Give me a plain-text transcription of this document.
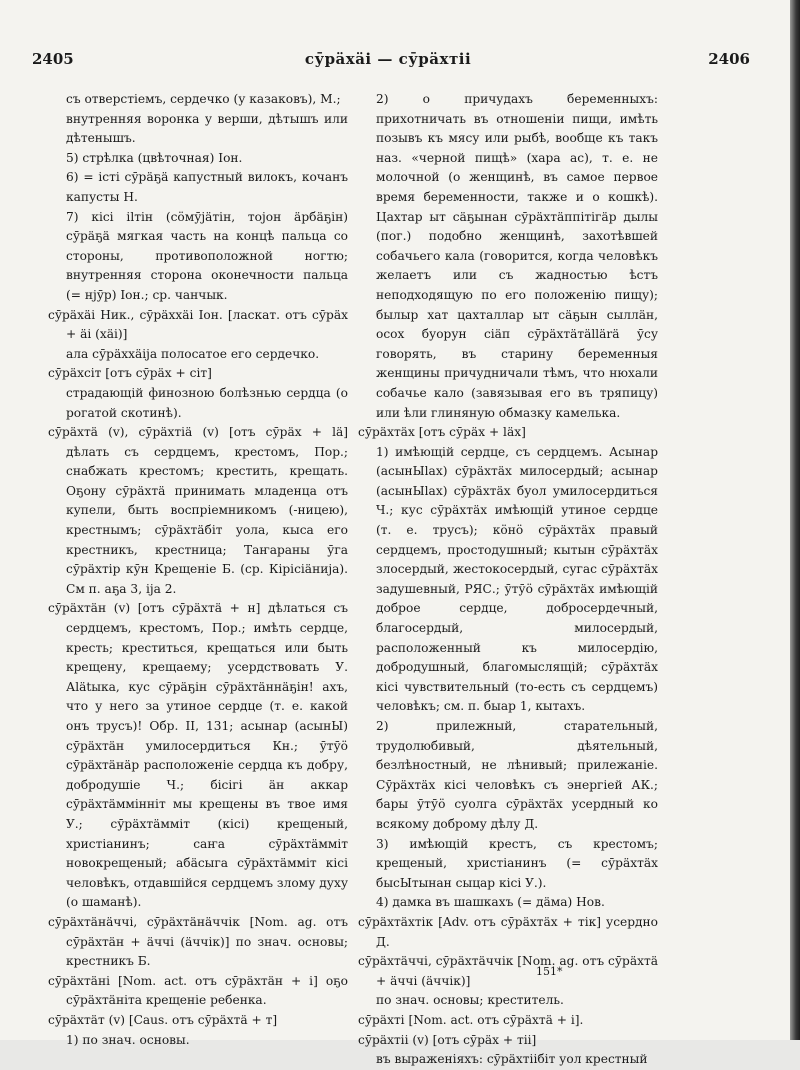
2405	сӯрäхäі — сӯрäхтіі	2406

съ отверстіемъ, сердечко (у казаковъ), М.;

внутренняя воронка у верши, дѣтышъ или дѣтенышъ.

5) стрѣлка (цвѣточная) Іон.

6) = істі сӯрäҕä капустный вилокъ, кочанъ капусты Н.

7) кісі іlтін (сӧмӯјäтін, тојон äрбäҕін) сӯрäҕä мягкая часть на концѣ пальца со стороны, противоположной ногтю; внутренняя сторона оконечности пальца (= нјӯр) Іон.; ср. чанчык.

сӯрäхäі Ник., сӯрäххäі Іон. [ласкат. отъ сӯрäх + äі (хäі)]

ала сӯрäххäіја полосатое его сердечко.

сӯрäхсіт [отъ сӯрäх + сіт]

страдающій финозною болѣзнью сердца (о рогатой скотинѣ).

сӯрäхтä (v), сӯрäхтіä (v) [отъ сӯрäх + lä] дѣлать съ сердцемъ, крестомъ, Пор.; снабжать крестомъ; крестить, крещать. Оҕону сӯрäхтä принимать младенца отъ купели, быть воспріемникомъ (-ницею), крестнымъ; сӯрäхтäбіт уола, кыса его крестникъ, крестница; Таҥараны ӯга сӯрäхтір кӯн Крещеніе Б. (ср. Кірісіäнија). См п. аҕа 3, іја 2.

сӯрäхтäн (v) [отъ сӯрäхтä + н] дѣлаться съ сердцемъ, крестомъ, Пор.; имѣть сердце, кресть; креститься, крещаться или быть крещену, крещаему; усердствовать У. Аlätыкa, кус сӯрäҕін сӯрäхтäннäҕін! ахъ, что у него за утиное сердце (т. е. какой онъ трусъ)! Обр. II, 131; асынар (асынЫ) сӯрäхтäн умилосердиться Кн.; ӯтӯӧ сӯрäхтäнäр расположеніе сердца къ добру, добродушіе Ч.; бісігі äн аккар сӯрäхтäммінніт мы крещены въ твое имя У.; сӯрäхтäмміт (кісі) крещеный, христіанинъ; саҥа сӯрäхтäмміт новокрещеный; абäсыга сӯрäхтäммiт кісі человѣкъ, отдавшійся сердцемъ злому духу (о шаманѣ).

сӯрäхтäнäччі, сӯрäхтäнäччік [Nom. ag. отъ сӯрäхтäн + äччі (äччік)] по знач. основы; крестникъ Б.

сӯрäхтäні [Nom. act. отъ сӯрäхтäн + і] оҕо сӯрäхтäніта крещеніе ребенка.

сӯрäхтäт (v) [Caus. отъ сӯрäхтä + т]

1) по знач. основы.

2) о причудахъ беременныхъ: прихотничать въ отношеніи пищи, имѣть позывъ къ мясу или рыбѣ, вообще къ такъ наз. «черной пищѣ» (хара ас), т. е. не молочной (о женщинѣ, въ самое первое время беременности, также и о кошкѣ). Цахтар ыт сäҕынан сӯрäхтäппітігäр дылы (пог.) подобно женщинѣ, захотѣвшей собачьего кала (говорится, когда человѣкъ желаетъ или съ жадностью ѣстъ неподходящую по его положенію пищу); былыр хат цахталлар ыт сäҕын сыллäн, осох буорун сіäп сӯрäхтäтällärä ӯсу говорять, въ старину беременныя женщины причудничали тѣмъ, что нюхали собачье кало (завязывая его въ тряпицу) или ѣли глиняную обмазку камелька.

сӯрäхтäх [отъ сӯрäх + läх]

1) имѣющій сердце, съ сердцемъ. Асынар (асынЫlах) сӯрäхтäх милосердый; асынар (асынЫlах) сӯрäхтäх буол умилосердиться Ч.; кус сӯрäхтäх имѣющій утиное сердце (т. е. трусъ); кӧнӧ сӯрäхтäх правый сердцемъ, простодушный; кытын сӯрäхтäх злосердый, жестокосердый, сугас сӯрäхтäх задушевный, РЯС.; ӯтӯӧ сӯрäхтäх имѣющій доброе сердце, добросердечный, благосердый, милосердый, расположенный къ милосердію, добродушный, благомыслящій; сӯрäхтäх кісі чувствительный (то-есть съ сердцемъ) человѣкъ; см. п. быар 1, кытахъ.

2) прилежный, старательный, трудолюбивый, дѣятельный, безлѣностный, не лѣнивый; прилежаніе. Сӯрäхтäх кісі человѣкъ съ энергіей АК.; бары ӯтӯӧ суолга сӯрäхтäх усердный ко всякому доброму дѣлу Д.

3) имѣющій крестъ, съ крестомъ; крещеный, христіанинъ (= сӯрäхтäх бысЫтынан сыцар кісі У.).

4) дамка въ шашкахъ (= дäма) Нов.

сӯрäхтäхтік [Adv. отъ сӯрäхтäх + тік] усердно Д.

сӯрäхтäччі, сӯрäхтäччік [Nom. ag. отъ сӯрäхтä + äччі (äччік)]

по знач. основы; креститель.

сӯрäхті [Nom. act. отъ сӯрäхтä + і].

сӯрäхтіі (v) [отъ сӯрäх + тіі]

въ выраженіяхъ: сӯрäхтіібіт уол крестный

151*
